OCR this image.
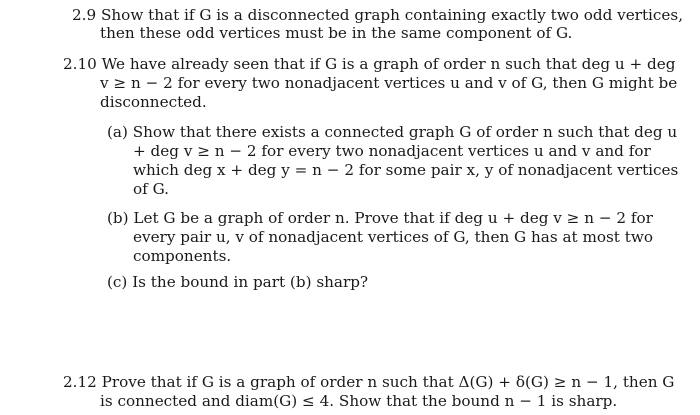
2.9 Show that if G is a disconnected graph containing exactly two odd vertices,
then these odd vertices must be in the same component of G.
2.10 We have already seen that if G is a graph of order n such that deg u + deg
v ≥ n − 2 for every two nonadjacent vertices u and v of G, then G might be
disconnected.
(a) Show that there exists a connected graph G of order n such that deg u
+ deg v ≥ n − 2 for every two nonadjacent vertices u and v and for
which deg x + deg y = n − 2 for some pair x, y of nonadjacent vertices
of G.
(b) Let G be a graph of order n. Prove that if deg u + deg v ≥ n − 2 for
every pair u, v of nonadjacent vertices of G, then G has at most two
components.
(c) Is the bound in part (b) sharp?
2.12 Prove that if G is a graph of order n such that Δ(G) + δ(G) ≥ n − 1, then G
is connected and diam(G) ≤ 4. Show that the bound n − 1 is sharp.
